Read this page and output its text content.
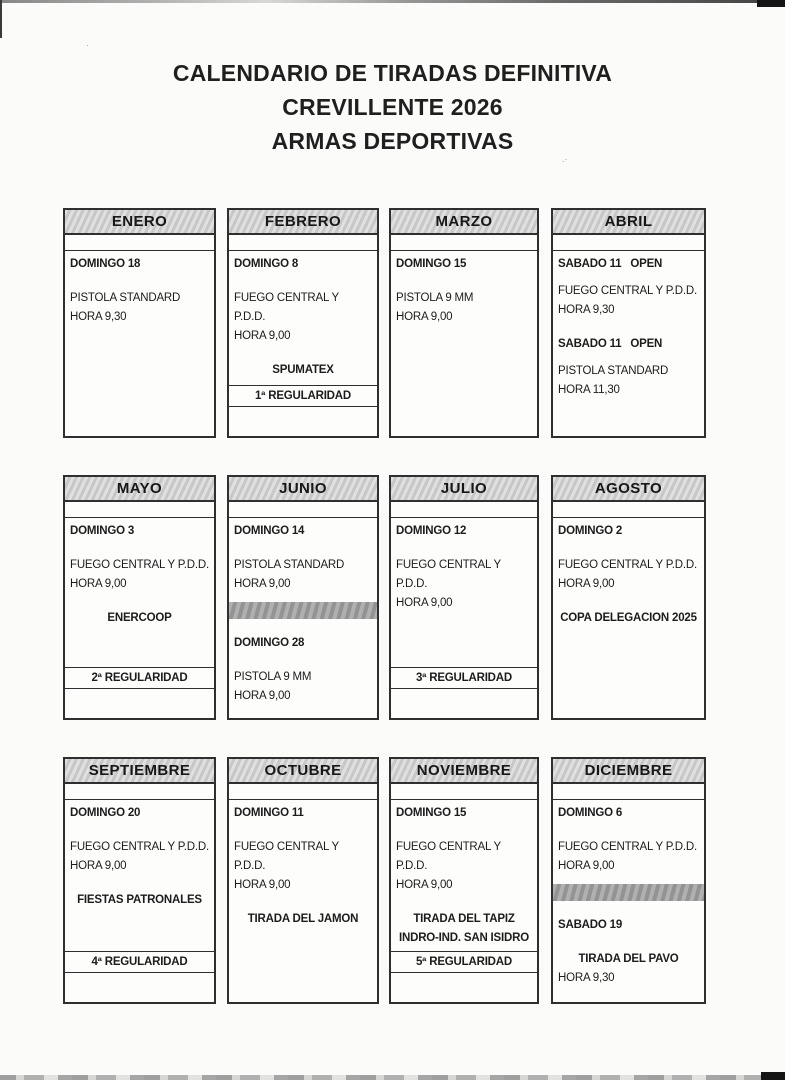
.·
·
CALENDARIO DE TIRADAS DEFINITIVA
CREVILLENTE 2026
ARMAS DEPORTIVAS
ENERO
DOMINGO 18
PISTOLA STANDARD
HORA 9,30
FEBRERO
DOMINGO 8
FUEGO CENTRAL Y P.D.D.
HORA 9,00
SPUMATEX
1ª REGULARIDAD
MARZO
DOMINGO 15
PISTOLA 9 MM
HORA 9,00
ABRIL
SABADO 11   OPEN
FUEGO CENTRAL Y P.D.D.
HORA 9,30
SABADO 11   OPEN
PISTOLA STANDARD
HORA 11,30
MAYO
DOMINGO 3
FUEGO CENTRAL Y P.D.D.
HORA 9,00
ENERCOOP
2ª REGULARIDAD
JUNIO
DOMINGO 14
PISTOLA STANDARD
HORA 9,00
DOMINGO 28
PISTOLA 9 MM
HORA 9,00
JULIO
DOMINGO 12
FUEGO CENTRAL Y P.D.D.
HORA 9,00
3ª REGULARIDAD
AGOSTO
DOMINGO 2
FUEGO CENTRAL Y P.D.D.
HORA 9,00
COPA DELEGACION 2025
SEPTIEMBRE
DOMINGO 20
FUEGO CENTRAL Y P.D.D.
HORA 9,00
FIESTAS PATRONALES
4ª REGULARIDAD
OCTUBRE
DOMINGO 11
FUEGO CENTRAL Y P.D.D.
HORA 9,00
TIRADA DEL JAMON
NOVIEMBRE
DOMINGO 15
FUEGO CENTRAL Y P.D.D.
HORA 9,00
TIRADA DEL TAPIZ
INDRO-IND. SAN ISIDRO
5ª REGULARIDAD
DICIEMBRE
DOMINGO 6
FUEGO CENTRAL Y P.D.D.
HORA 9,00
SABADO 19
TIRADA DEL PAVO
HORA 9,30
